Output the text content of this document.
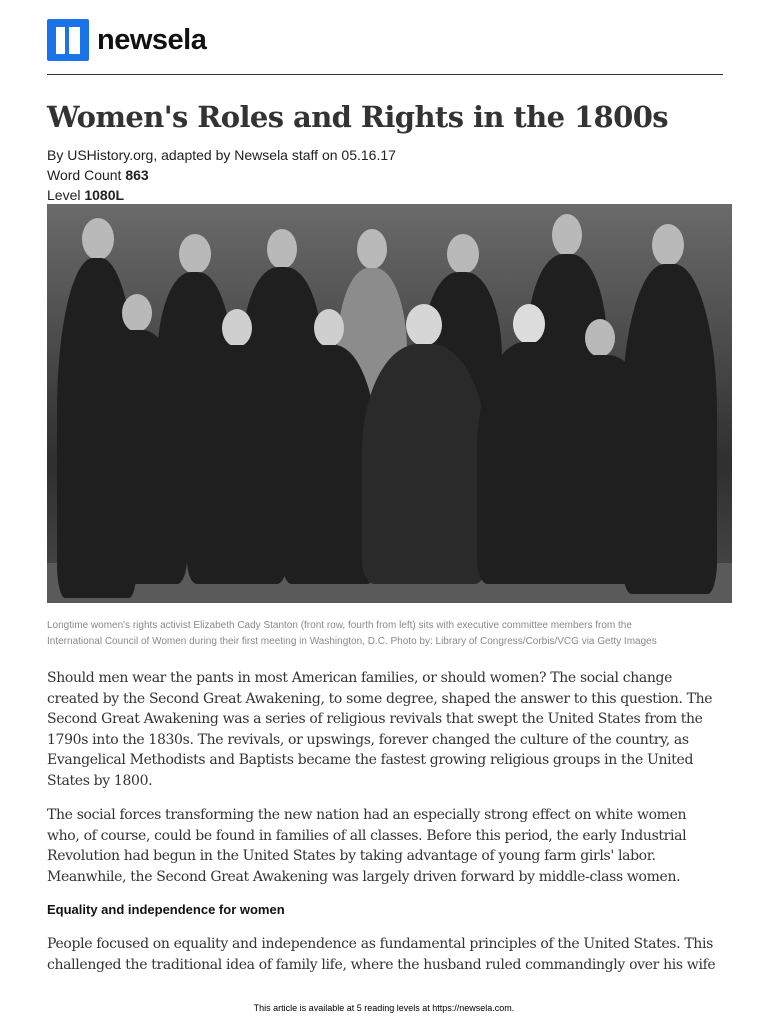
newsela
Women's Roles and Rights in the 1800s
By USHistory.org, adapted by Newsela staff on 05.16.17
Word Count 863
Level 1080L
Longtime women's rights activist Elizabeth Cady Stanton (front row, fourth from left) sits with executive committee members from the
International Council of Women during their first meeting in Washington, D.C. Photo by: Library of Congress/Corbis/VCG via Getty Images

Should men wear the pants in most American families, or should women? The social change created by the Second Great Awakening, to some degree, shaped the answer to this question. The Second Great Awakening was a series of religious revivals that swept the United States from the 1790s into the 1830s. The revivals, or upswings, forever changed the culture of the country, as Evangelical Methodists and Baptists became the fastest growing religious groups in the United States by 1800.

The social forces transforming the new nation had an especially strong effect on white women who, of course, could be found in families of all classes. Before this period, the early Industrial Revolution had begun in the United States by taking advantage of young farm girls' labor. Meanwhile, the Second Great Awakening was largely driven forward by middle-class women.

Equality and independence for women

People focused on equality and independence as fundamental principles of the United States. This challenged the traditional idea of family life, where the husband ruled commandingly over his wife

This article is available at 5 reading levels at https://newsela.com.
